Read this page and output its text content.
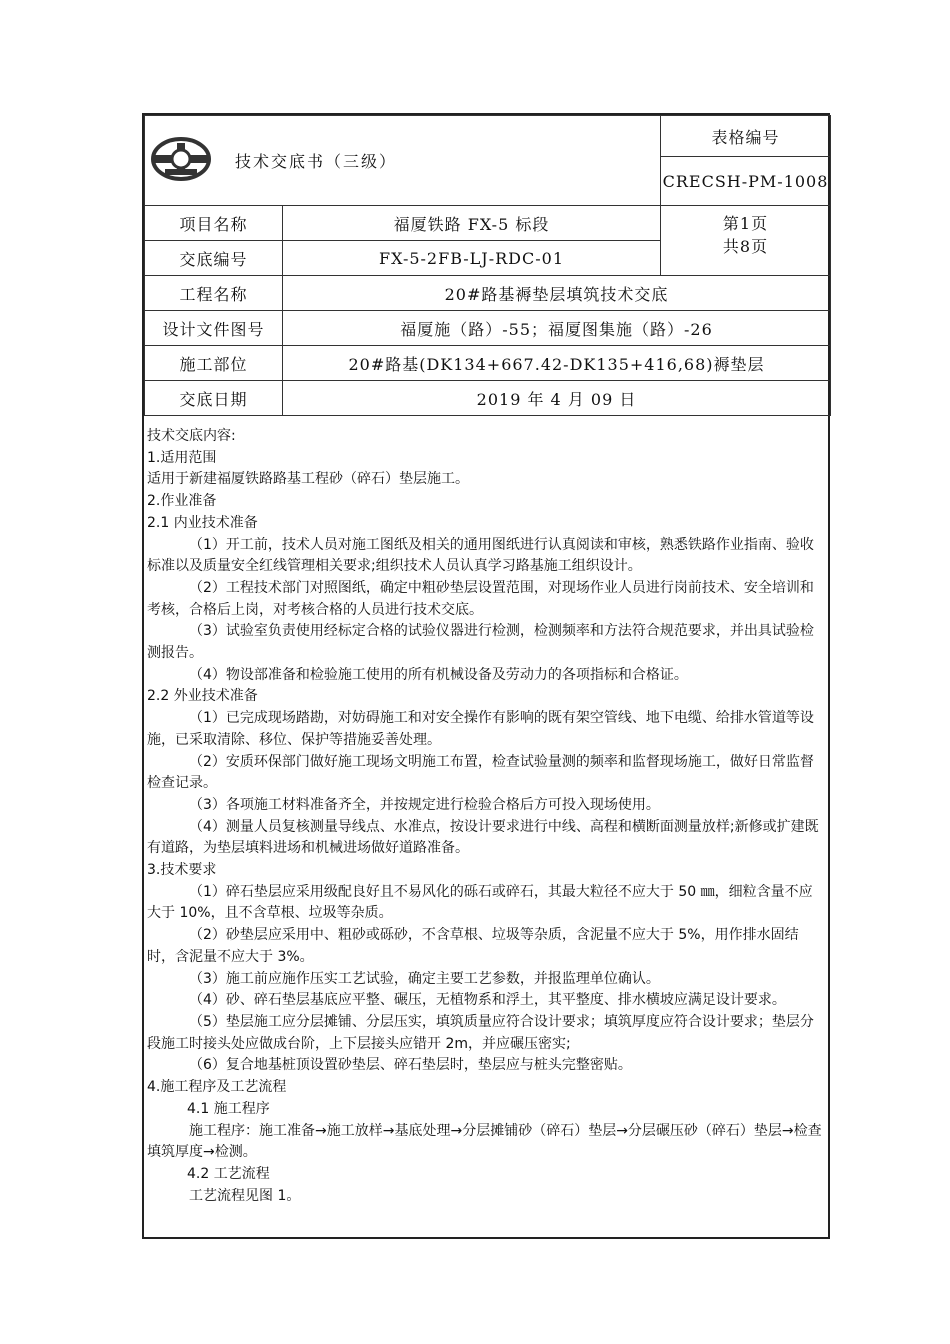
技术交底书（三级）		表格编号
		CRECSH-PM-1008
项目名称	福厦铁路 FX-5 标段	第1页
共8页

交底编号	FX-5-2FB-LJ-RDC-01	
工程名称	20#路基褥垫层填筑技术交底	
设计文件图号	福厦施（路）-55；福厦图集施（路）-26	
施工部位	20#路基(DK134+667.42-DK135+416,68)褥垫层	
交底日期	2019 年 4 月 09 日	

技术交底内容:

1.适用范围

适用于新建福厦铁路路基工程砂（碎石）垫层施工。

2.作业准备

2.1 内业技术准备

（1）开工前，技术人员对施工图纸及相关的通用图纸进行认真阅读和审核，熟悉铁路作业指南、验收标准以及质量安全红线管理相关要求;组织技术人员认真学习路基施工组织设计。

（2）工程技术部门对照图纸，确定中粗砂垫层设置范围，对现场作业人员进行岗前技术、安全培训和考核，合格后上岗，对考核合格的人员进行技术交底。

（3）试验室负责使用经标定合格的试验仪器进行检测，检测频率和方法符合规范要求，并出具试验检测报告。

（4）物设部准备和检验施工使用的所有机械设备及劳动力的各项指标和合格证。

2.2 外业技术准备

（1）已完成现场踏勘，对妨碍施工和对安全操作有影响的既有架空管线、地下电缆、给排水管道等设施，已采取清除、移位、保护等措施妥善处理。

（2）安质环保部门做好施工现场文明施工布置，检查试验量测的频率和监督现场施工，做好日常监督检查记录。

（3）各项施工材料准备齐全，并按规定进行检验合格后方可投入现场使用。

（4）测量人员复核测量导线点、水准点，按设计要求进行中线、高程和横断面测量放样;新修或扩建既有道路，为垫层填料进场和机械进场做好道路准备。

3.技术要求

（1）碎石垫层应采用级配良好且不易风化的砾石或碎石，其最大粒径不应大于 50 ㎜，细粒含量不应大于 10%，且不含草根、垃圾等杂质。

（2）砂垫层应采用中、粗砂或砾砂，不含草根、垃圾等杂质，含泥量不应大于 5%，用作排水固结时，含泥量不应大于 3%。

（3）施工前应施作压实工艺试验，确定主要工艺参数，并报监理单位确认。

（4）砂、碎石垫层基底应平整、碾压，无植物系和浮土，其平整度、排水横坡应满足设计要求。

（5）垫层施工应分层摊铺、分层压实，填筑质量应符合设计要求；填筑厚度应符合设计要求；垫层分段施工时接头处应做成台阶，上下层接头应错开 2m，并应碾压密实;

（6）复合地基桩顶设置砂垫层、碎石垫层时，垫层应与桩头完整密贴。

4.施工程序及工艺流程

4.1 施工程序

施工程序：施工准备→施工放样→基底处理→分层摊铺砂（碎石）垫层→分层碾压砂（碎石）垫层→检查填筑厚度→检测。

4.2 工艺流程

工艺流程见图 1。
